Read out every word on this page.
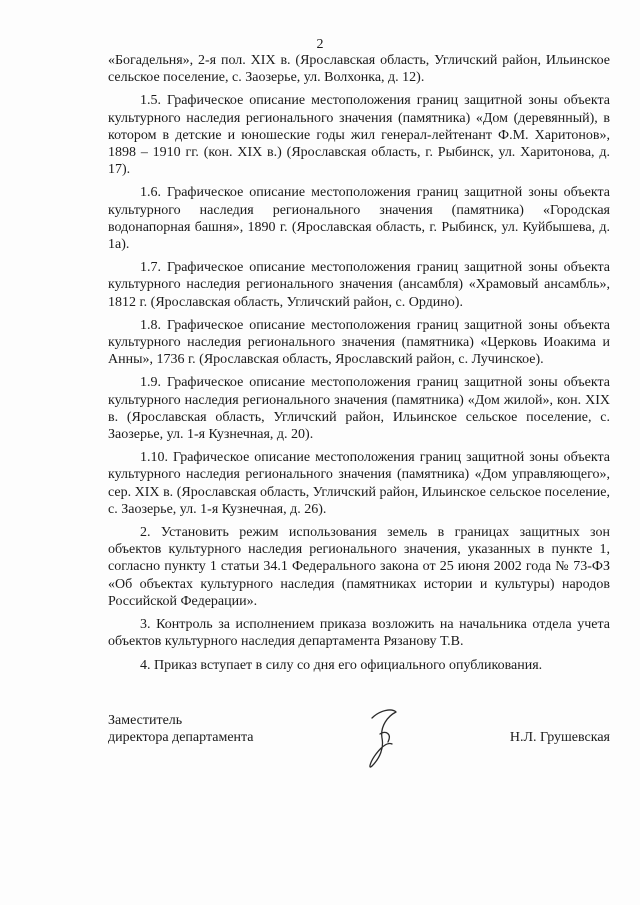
2

«Богадельня», 2-я пол. XIX в. (Ярославская область, Угличский район, Ильинское сельское поселение, с. Заозерье, ул. Волхонка, д. 12).

1.5. Графическое описание местоположения границ защитной зоны объекта культурного наследия регионального значения (памятника) «Дом (деревянный), в котором в детские и юношеские годы жил генерал-лейтенант Ф.М. Харитонов», 1898 – 1910 гг. (кон. XIX в.) (Ярославская область, г. Рыбинск, ул. Харитонова, д. 17).

1.6. Графическое описание местоположения границ защитной зоны объекта культурного наследия регионального значения (памятника) «Городская водонапорная башня», 1890 г. (Ярославская область, г. Рыбинск, ул. Куйбышева, д. 1а).

1.7. Графическое описание местоположения границ защитной зоны объекта культурного наследия регионального значения (ансамбля) «Храмовый ансамбль», 1812 г. (Ярославская область, Угличский район, с. Ордино).

1.8. Графическое описание местоположения границ защитной зоны объекта культурного наследия регионального значения (памятника) «Церковь Иоакима и Анны», 1736 г. (Ярославская область, Ярославский район, с. Лучинское).

1.9. Графическое описание местоположения границ защитной зоны объекта культурного наследия регионального значения (памятника) «Дом жилой», кон. XIX в. (Ярославская область, Угличский район, Ильинское сельское поселение, с. Заозерье, ул. 1-я Кузнечная, д. 20).

1.10. Графическое описание местоположения границ защитной зоны объекта культурного наследия регионального значения (памятника) «Дом управляющего», сер. XIX в. (Ярославская область, Угличский район, Ильинское сельское поселение, с. Заозерье, ул. 1-я Кузнечная, д. 26).

2. Установить режим использования земель в границах защитных зон объектов культурного наследия регионального значения, указанных в пункте 1, согласно пункту 1 статьи 34.1 Федерального закона от 25 июня 2002 года № 73-ФЗ «Об объектах культурного наследия (памятниках истории и культуры) народов Российской Федерации».

3. Контроль за исполнением приказа возложить на начальника отдела учета объектов культурного наследия департамента Рязанову Т.В.

4. Приказ вступает в силу со дня его официального опубликования.

Заместитель
директора департамента	Н.Л. Грушевская
